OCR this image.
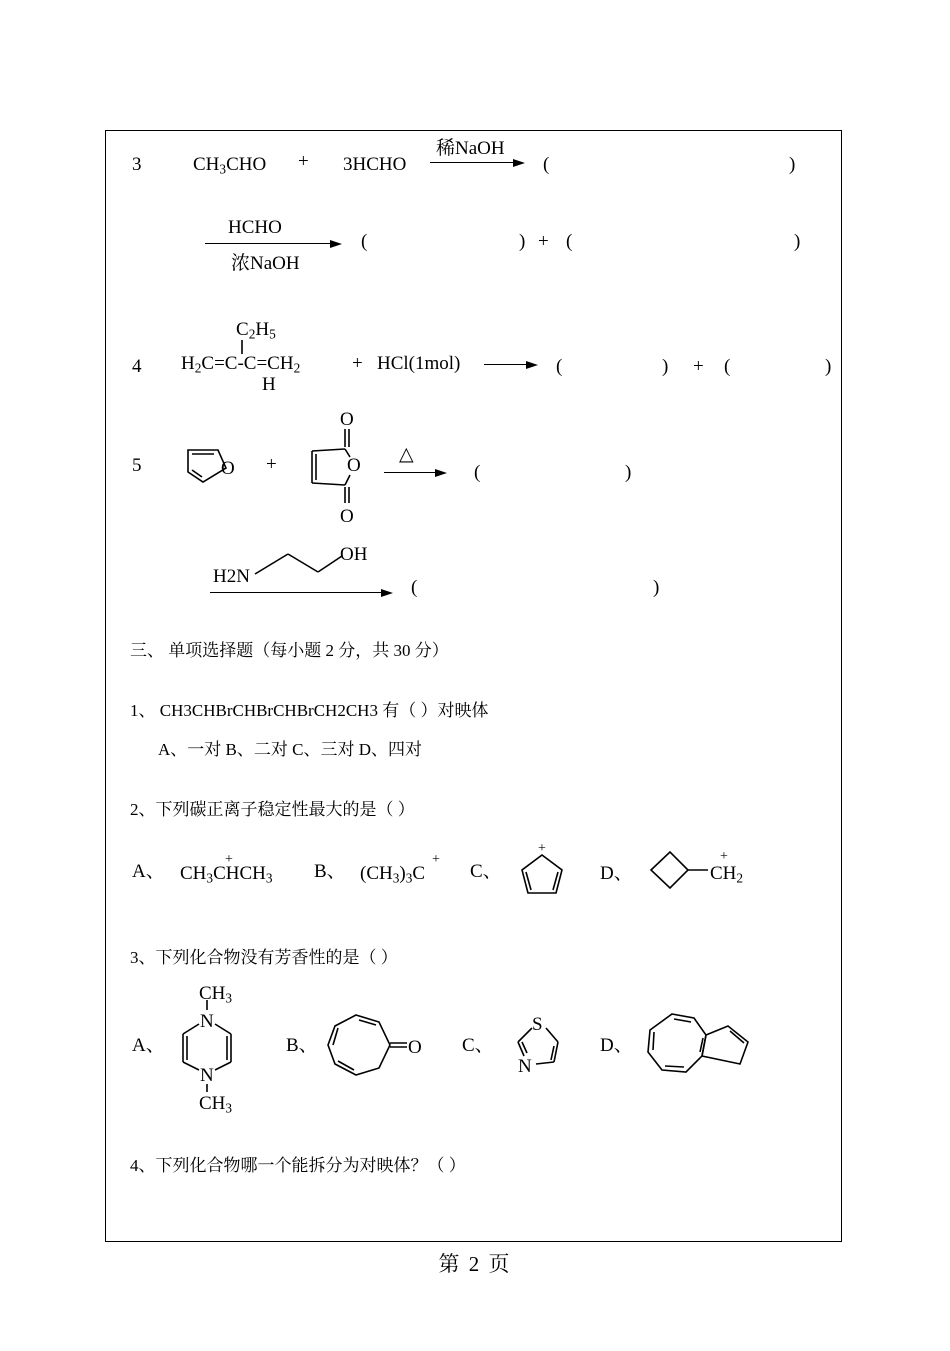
3	$CH_3CHO$ + 3HCHO
稀NaOH
(	)
HCHO
浓NaOH
(	) + (	)
4
$C_2H_5$
$H_2C=C-C=CH_2$
H
+ HCl(1mol)	(	) + (	)
5	O +
O
O
O
△
(	)
H2N
OH
(	)
三、 单项选择题（每小题 2 分，共 30 分）
1、 CH3CHBrCHBrCHBrCH2CH3 有（ ）对映体
A、一对 B、二对 C、三对 D、四对
2、下列碳正离子稳定性最大的是（ ）
A、 $CH_3CHCH_3$
+
B、 $(CH_3)_3C$
+
C、
+
D、
+
$CH_2$
3、下列化合物没有芳香性的是（ ）
A、
$CH_3$
N
N
$CH_3$
B、	O C、
S
N
D、
4、下列化合物哪一个能拆分为对映体？（ ）
第 2 页
